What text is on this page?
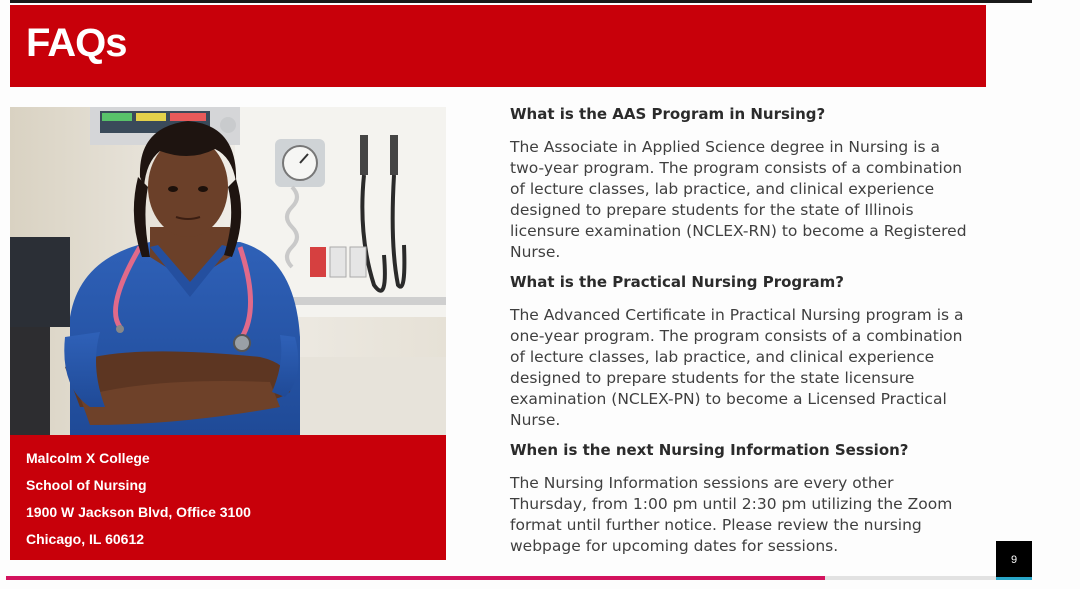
FAQs
Malcolm X College
School of Nursing
1900 W Jackson Blvd, Office 3100
Chicago, IL 60612

What is the AAS Program in Nursing?

The Associate in Applied Science degree in Nursing is a two-year program. The program consists of a combination of lecture classes, lab practice, and clinical experience designed to prepare students for the state of Illinois licensure examination (NCLEX-RN) to become a Registered Nurse.

What is the Practical Nursing Program?

The Advanced Certificate in Practical Nursing program is a one-year program. The program consists of a combination of lecture classes, lab practice, and clinical experience designed to prepare students for the state licensure examination (NCLEX-PN) to become a Licensed Practical Nurse.

When is the next Nursing Information Session?

The Nursing Information sessions are every other Thursday, from 1:00 pm until 2:30 pm utilizing the Zoom format until further notice. Please review the nursing webpage for upcoming dates for sessions.

9
